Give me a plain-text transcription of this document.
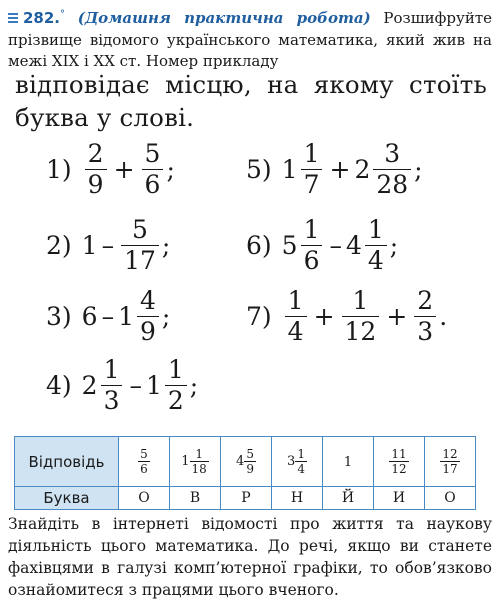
282.° (Домашня практична робота) Розшифруйте прізвище відомого українського математика, який жив на межі XIX і XX ст. Номер прикладу
відповідає місцю, на якому стоїть буква у слові.
$1) \frac{2}{9} + \frac{5}{6}$ ;
2) $1 - \frac{5}{17}$ ;
3) $6 - 1 \frac{4}{9}$ ;
4) $2 \frac{1}{3} - 1 \frac{1}{2}$ ;
5) $1 \frac{1}{7} + 2 \frac{3}{28}$ ;
6) $5 \frac{1}{6} - 4 \frac{1}{4}$ ;
$7) \frac{1}{4} + \frac{1}{12} + \frac{2}{3}$ .
Відповідь	$\frac{5}{6}$	$1 \frac{1}{18}$	$4 \frac{5}{9}$	$3 \frac{1}{4}$	1	$\frac{11}{12}$	$\frac{12}{17}$

Буква	О	В	Р	Н	Й	И	О
Знайдіть в інтернеті відомості про життя та наукову діяльність цього математика. До речі, якщо ви станете фахівцями в галузі комп’ютерної графіки, то обов’язково ознайомитеся з працями цього вченого.
